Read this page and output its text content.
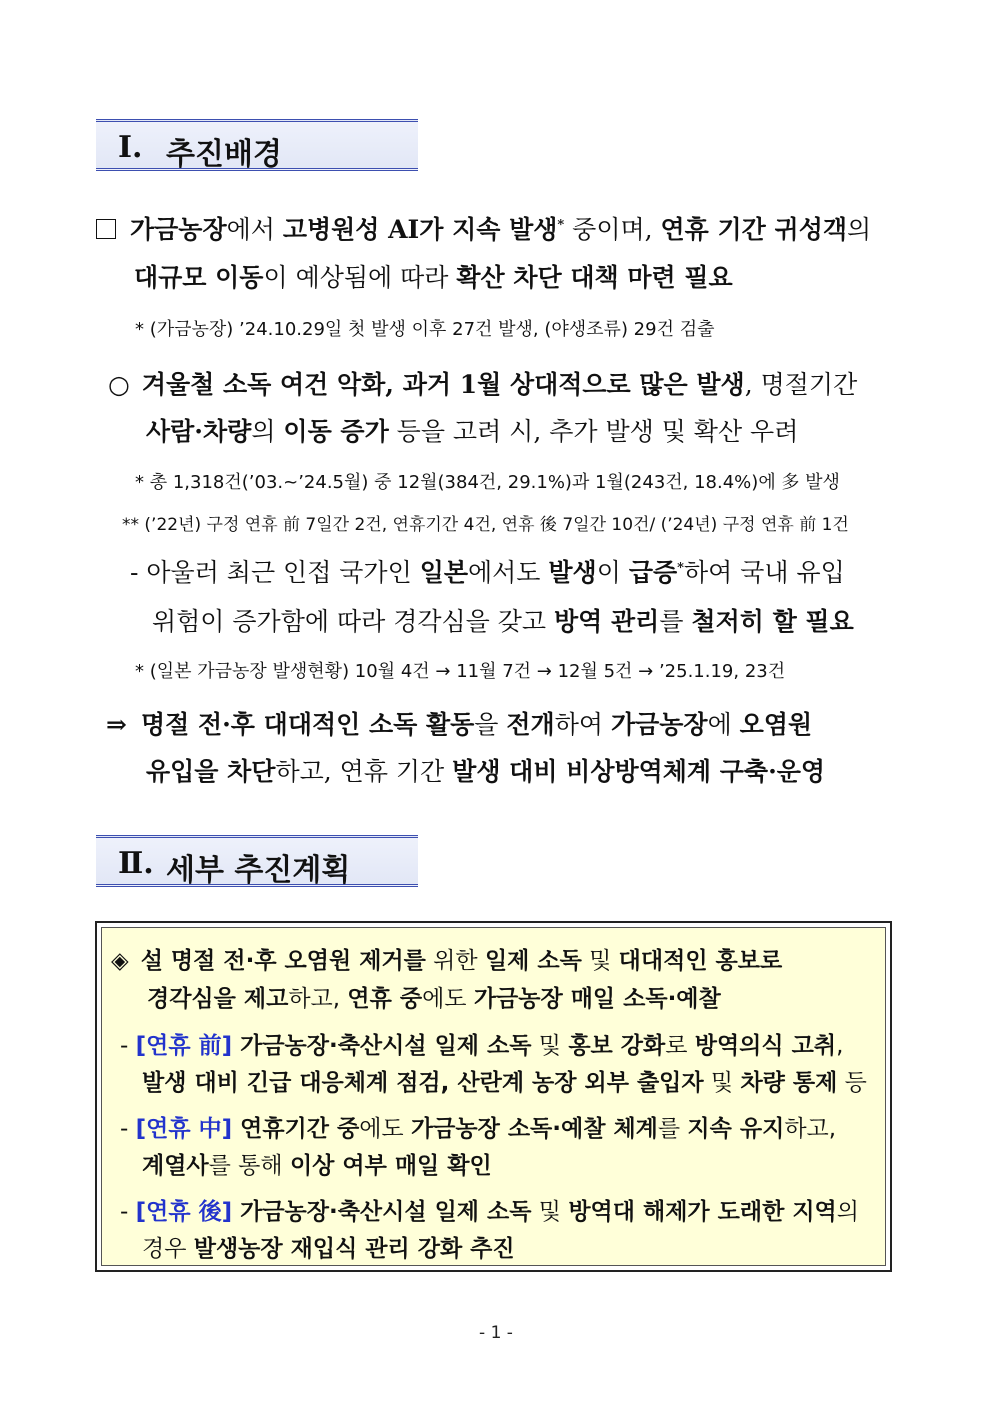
Ⅰ. 추진배경
가금농장에서 고병원성 AI가 지속 발생* 중이며, 연휴 기간 귀성객의
대규모 이동이 예상됨에 따라 확산 차단 대책 마련 필요
* (가금농장) ’24.10.29일 첫 발생 이후 27건 발생, (야생조류) 29건 검출
○ 겨울철 소독 여건 악화, 과거 1월 상대적으로 많은 발생, 명절기간
사람·차량의 이동 증가 등을 고려 시, 추가 발생 및 확산 우려
* 총 1,318건(’03.~’24.5월) 중 12월(384건, 29.1%)과 1월(243건, 18.4%)에 多 발생
** (’22년) 구정 연휴 前 7일간 2건, 연휴기간 4건, 연휴 後 7일간 10건/ (’24년) 구정 연휴 前 1건
- 아울러 최근 인접 국가인 일본에서도 발생이 급증*하여 국내 유입
위험이 증가함에 따라 경각심을 갖고 방역 관리를 철저히 할 필요
* (일본 가금농장 발생현황) 10월 4건 → 11월 7건 → 12월 5건 → ’25.1.19, 23건
⇒ 명절 전·후 대대적인 소독 활동을 전개하여 가금농장에 오염원
유입을 차단하고, 연휴 기간 발생 대비 비상방역체계 구축·운영
Ⅱ. 세부 추진계획
◈ 설 명절 전·후 오염원 제거를 위한 일제 소독 및 대대적인 홍보로
경각심을 제고하고, 연휴 중에도 가금농장 매일 소독·예찰
- [연휴 前] 가금농장·축산시설 일제 소독 및 홍보 강화로 방역의식 고취,
발생 대비 긴급 대응체계 점검, 산란계 농장 외부 출입자 및 차량 통제 등
- [연휴 中] 연휴기간 중에도 가금농장 소독·예찰 체계를 지속 유지하고,
계열사를 통해 이상 여부 매일 확인
- [연휴 後] 가금농장·축산시설 일제 소독 및 방역대 해제가 도래한 지역의
경우 발생농장 재입식 관리 강화 추진
- 1 -
